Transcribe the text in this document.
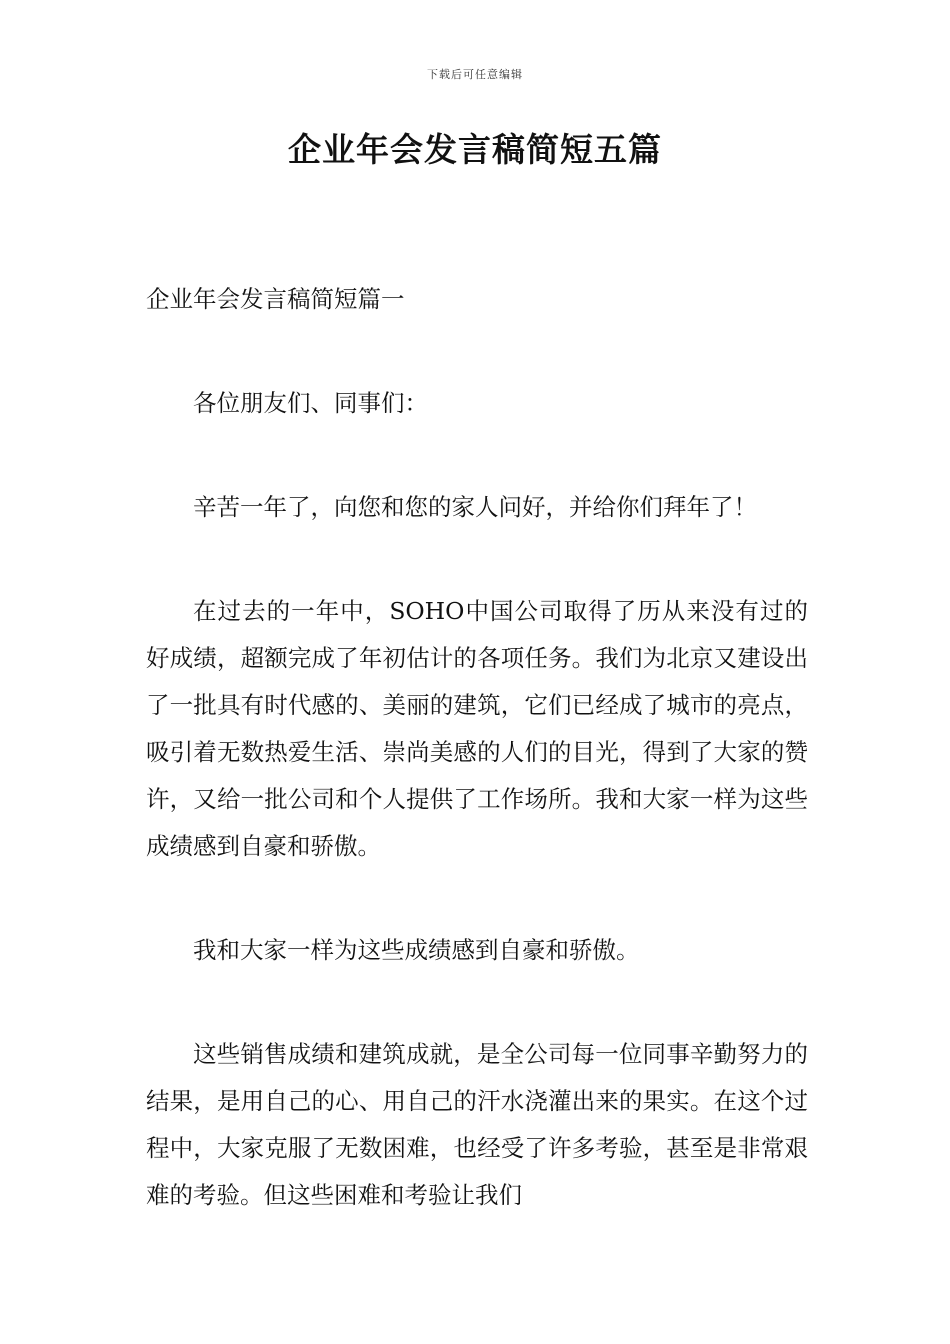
下载后可任意编辑
企业年会发言稿简短五篇

企业年会发言稿简短篇一

各位朋友们、同事们：

辛苦一年了，向您和您的家人问好，并给你们拜年了！

在过去的一年中，SOHO中国公司取得了历从来没有过的好成绩，超额完成了年初估计的各项任务。我们为北京又建设出了一批具有时代感的、美丽的建筑，它们已经成了城市的亮点，吸引着无数热爱生活、崇尚美感的人们的目光，得到了大家的赞许，又给一批公司和个人提供了工作场所。我和大家一样为这些成绩感到自豪和骄傲。

我和大家一样为这些成绩感到自豪和骄傲。

这些销售成绩和建筑成就，是全公司每一位同事辛勤努力的结果，是用自己的心、用自己的汗水浇灌出来的果实。在这个过程中，大家克服了无数困难，也经受了许多考验，甚至是非常艰难的考验。但这些困难和考验让我们
